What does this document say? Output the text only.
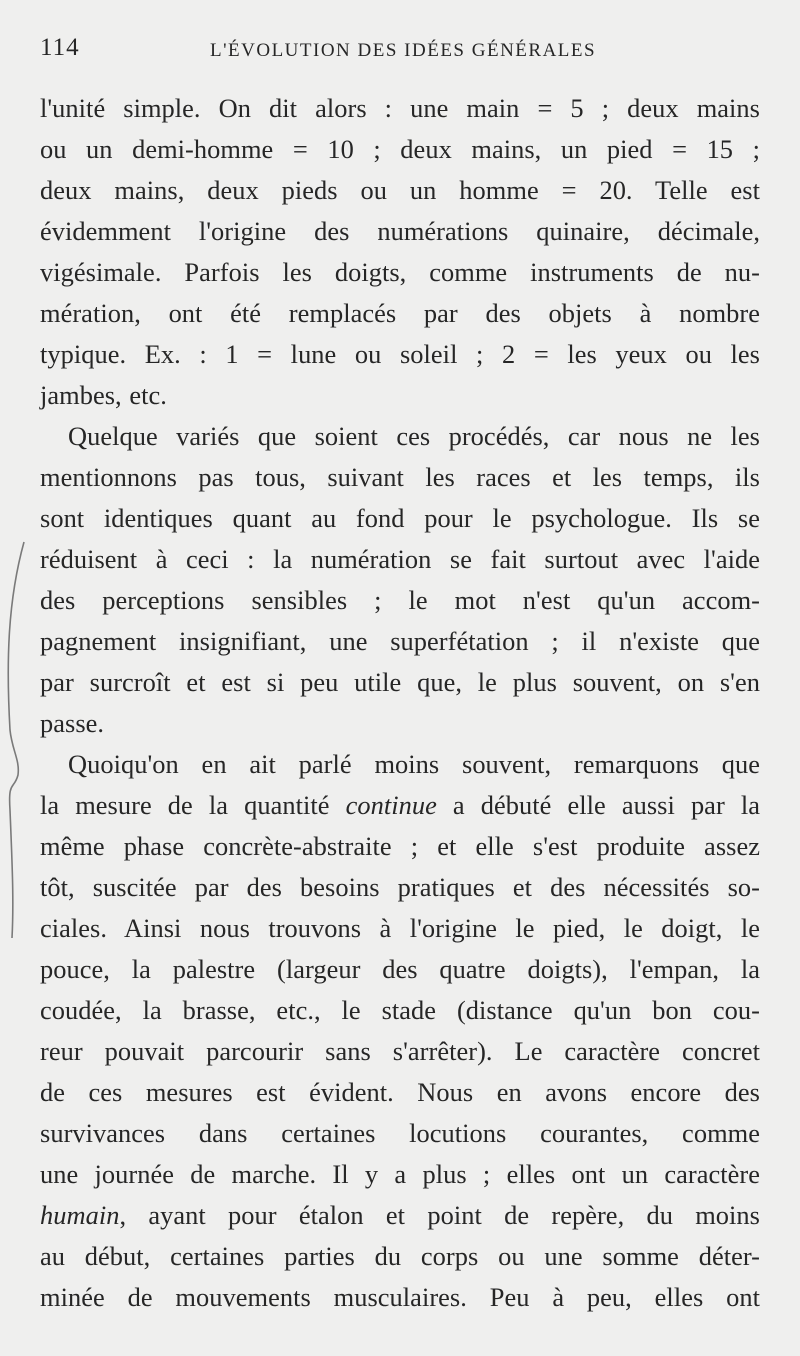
114	L'ÉVOLUTION DES IDÉES GÉNÉRALES
l'unité simple. On dit alors : une main = 5 ; deux mains
ou un demi-homme = 10 ; deux mains, un pied = 15 ;
deux mains, deux pieds ou un homme = 20. Telle est
évidemment l'origine des numérations quinaire, décimale,
vigésimale. Parfois les doigts, comme instruments de nu-
mération, ont été remplacés par des objets à nombre
typique. Ex. : 1 = lune ou soleil ; 2 = les yeux ou les
jambes, etc.
Quelque variés que soient ces procédés, car nous ne les
mentionnons pas tous, suivant les races et les temps, ils
sont identiques quant au fond pour le psychologue. Ils se
réduisent à ceci : la numération se fait surtout avec l'aide
des perceptions sensibles ; le mot n'est qu'un accom-
pagnement insignifiant, une superfétation ; il n'existe que
par surcroît et est si peu utile que, le plus souvent, on s'en
passe.
Quoiqu'on en ait parlé moins souvent, remarquons que
la mesure de la quantité continue a débuté elle aussi par la
même phase concrète-abstraite ; et elle s'est produite assez
tôt, suscitée par des besoins pratiques et des nécessités so-
ciales. Ainsi nous trouvons à l'origine le pied, le doigt, le
pouce, la palestre (largeur des quatre doigts), l'empan, la
coudée, la brasse, etc., le stade (distance qu'un bon cou-
reur pouvait parcourir sans s'arrêter). Le caractère concret
de ces mesures est évident. Nous en avons encore des
survivances dans certaines locutions courantes, comme
une journée de marche. Il y a plus ; elles ont un caractère
humain, ayant pour étalon et point de repère, du moins
au début, certaines parties du corps ou une somme déter-
minée de mouvements musculaires. Peu à peu, elles ont
